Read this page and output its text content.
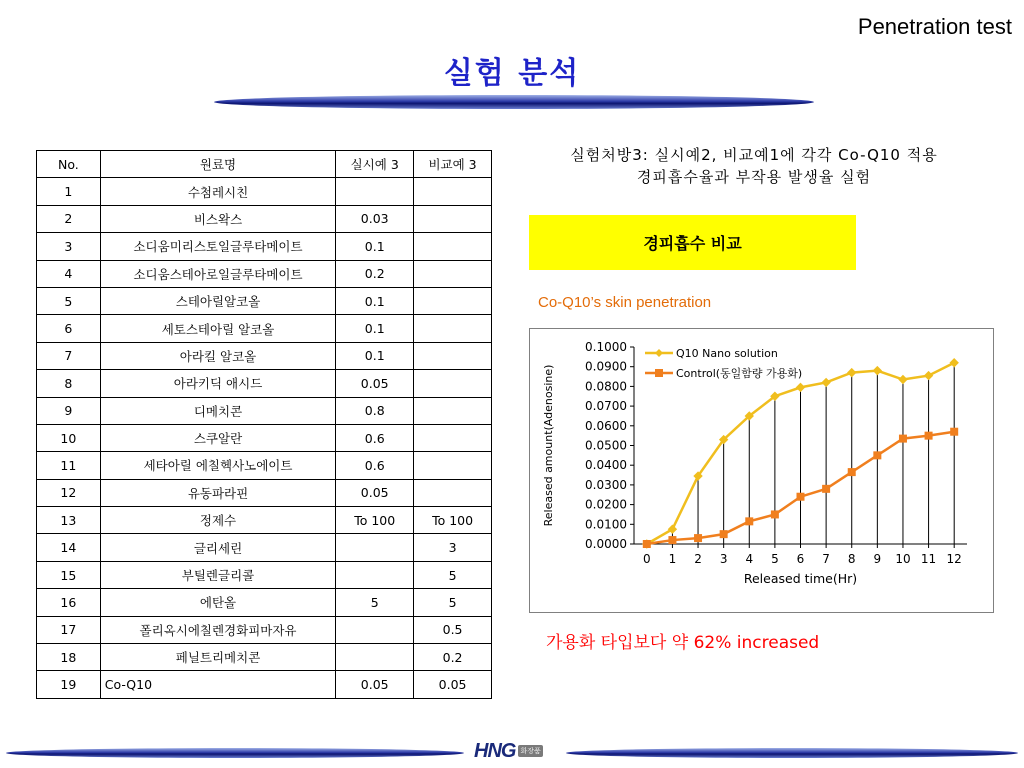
Penetration test
실험 분석
No.	원료명	실시예 3	비교예 3
1	수첨레시친		
2	비스왁스	0.03	
3	소디움미리스토일글루타메이트	0.1	
4	소디움스테아로일글루타메이트	0.2	
5	스테아릴알코올	0.1	
6	세토스테아릴 알코올	0.1	
7	아라킬 알코올	0.1	
8	아라키딕 애시드	0.05	
9	디메치콘	0.8	
10	스쿠알란	0.6	
11	세타아릴 에칠헥사노에이트	0.6	
12	유동파라핀	0.05	
13	정제수	To 100	To 100
14	글리세린		3
15	부틸렌글리콜		5
16	에탄올	5	5
17	폴리옥시에칠렌경화피마자유		0.5
18	페닐트리메치콘		0.2
19	Co-Q10	0.05	0.05
실험처방3: 실시예2, 비교예1에 각각 Co-Q10 적용
경피흡수율과 부작용 발생율 실험
경피흡수 비교
Co-Q10’s skin penetration
0.0000
0.0100
0.0200
0.0300
0.0400
0.0500
0.0600
0.0700
0.0800
0.0900
0.1000
0 1 2 3 4 5 6 7 8 9 10 11 12
Q10 Nano solution
Control(동일함량 가용화)
Released time(Hr)
Released amount(Adenosine)
가용화 타입보다 약 62% increased
HNG 화장품
